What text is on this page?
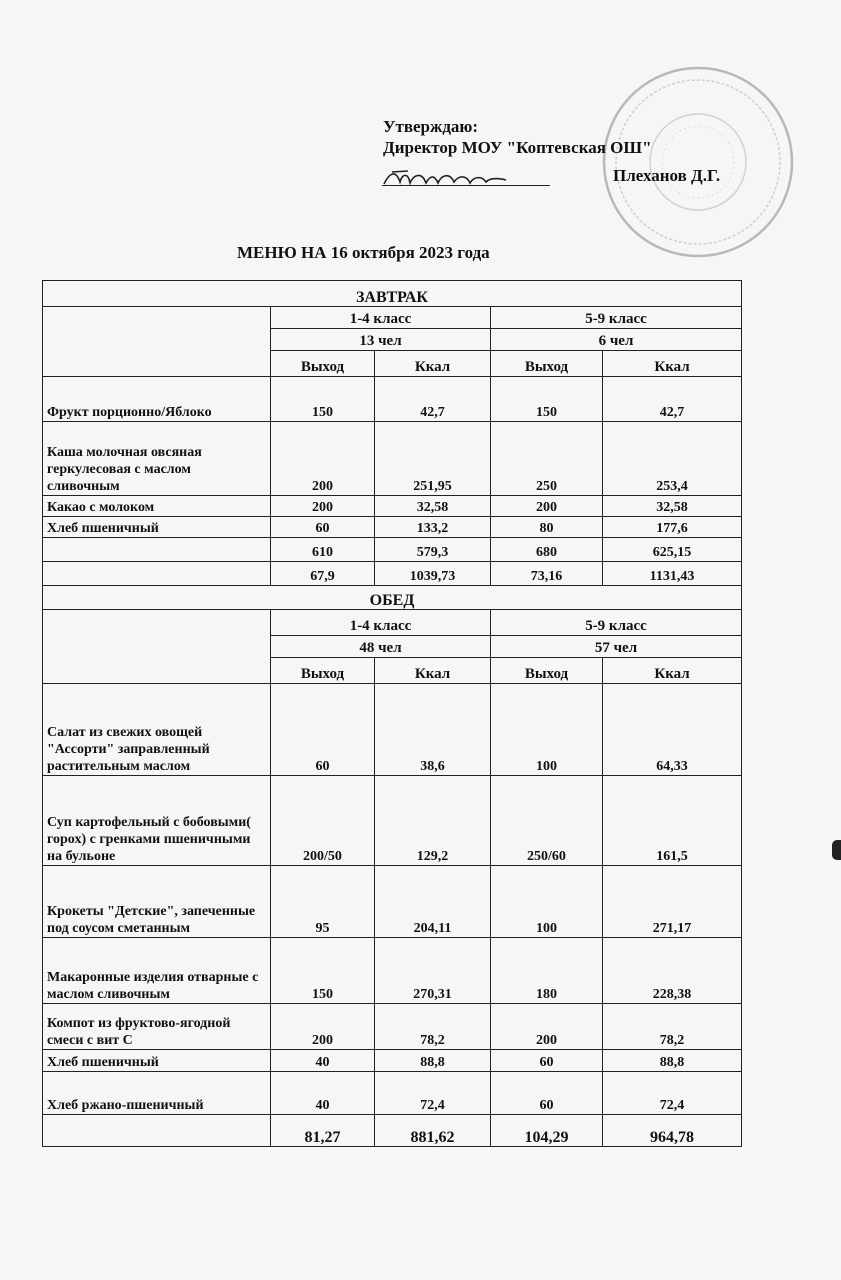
Утверждаю:
Директор МОУ "Коптевская ОШ"
Плеханов Д.Г.
МЕНЮ НА 16 октября 2023 года
ЗАВТРАК				
	1-4 класс		5-9 класс	
	13 чел		6 чел	
	Выход	Ккал	Выход	Ккал
Фрукт порционно/Яблоко	150	42,7	150	42,7
Каша молочная овсяная геркулесовая с маслом сливочным	200	251,95	250	253,4
Какао с молоком	200	32,58	200	32,58
Хлеб пшеничный	60	133,2	80	177,6
	610	579,3	680	625,15
	67,9	1039,73	73,16	1131,43
ОБЕД				
	1-4 класс		5-9 класс	
	48 чел		57 чел	
	Выход	Ккал	Выход	Ккал
Салат из свежих овощей "Ассорти" заправленный растительным маслом	60	38,6	100	64,33
Суп картофельный с бобовыми( горох) с гренками пшеничными на бульоне	200/50	129,2	250/60	161,5
Крокеты "Детские", запеченные под соусом сметанным	95	204,11	100	271,17
Макаронные изделия отварные с маслом сливочным	150	270,31	180	228,38
Компот из фруктово-ягодной смеси с вит С	200	78,2	200	78,2
Хлеб пшеничный	40	88,8	60	88,8
Хлеб ржано-пшеничный	40	72,4	60	72,4
	81,27	881,62	104,29	964,78
